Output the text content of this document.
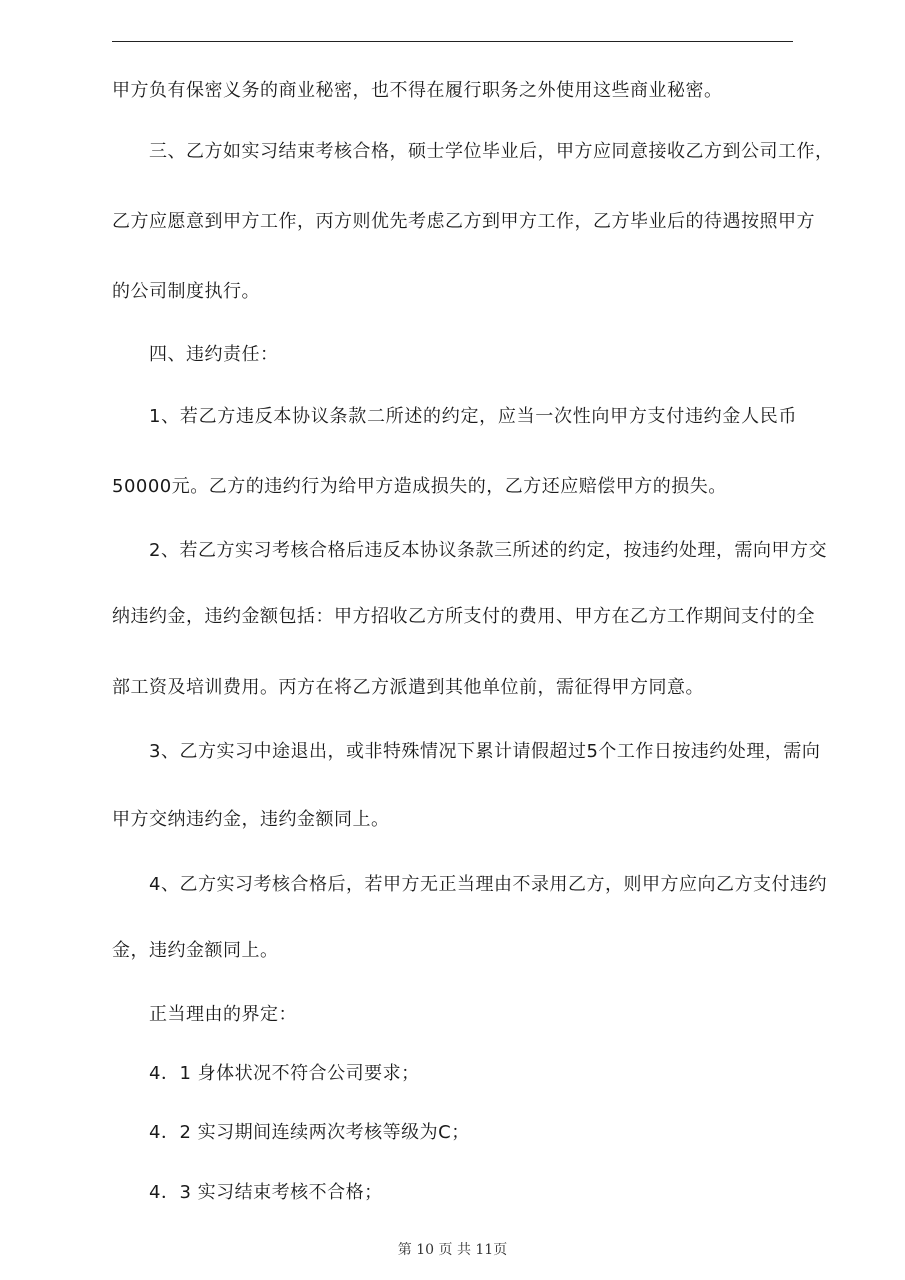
甲方负有保密义务的商业秘密，也不得在履行职务之外使用这些商业秘密。
三、乙方如实习结束考核合格，硕士学位毕业后，甲方应同意接收乙方到公司工作，
乙方应愿意到甲方工作，丙方则优先考虑乙方到甲方工作，乙方毕业后的待遇按照甲方
的公司制度执行。
四、违约责任：
1、若乙方违反本协议条款二所述的约定，应当一次性向甲方支付违约金人民币
50000元。乙方的违约行为给甲方造成损失的，乙方还应赔偿甲方的损失。
2、若乙方实习考核合格后违反本协议条款三所述的约定，按违约处理，需向甲方交
纳违约金，违约金额包括：甲方招收乙方所支付的费用、甲方在乙方工作期间支付的全
部工资及培训费用。丙方在将乙方派遣到其他单位前，需征得甲方同意。
3、乙方实习中途退出，或非特殊情况下累计请假超过5个工作日按违约处理，需向
甲方交纳违约金，违约金额同上。
4、乙方实习考核合格后，若甲方无正当理由不录用乙方，则甲方应向乙方支付违约
金，违约金额同上。
正当理由的界定：
4．1 身体状况不符合公司要求；
4．2 实习期间连续两次考核等级为C；
4．3 实习结束考核不合格；
第 10 页 共 11页
